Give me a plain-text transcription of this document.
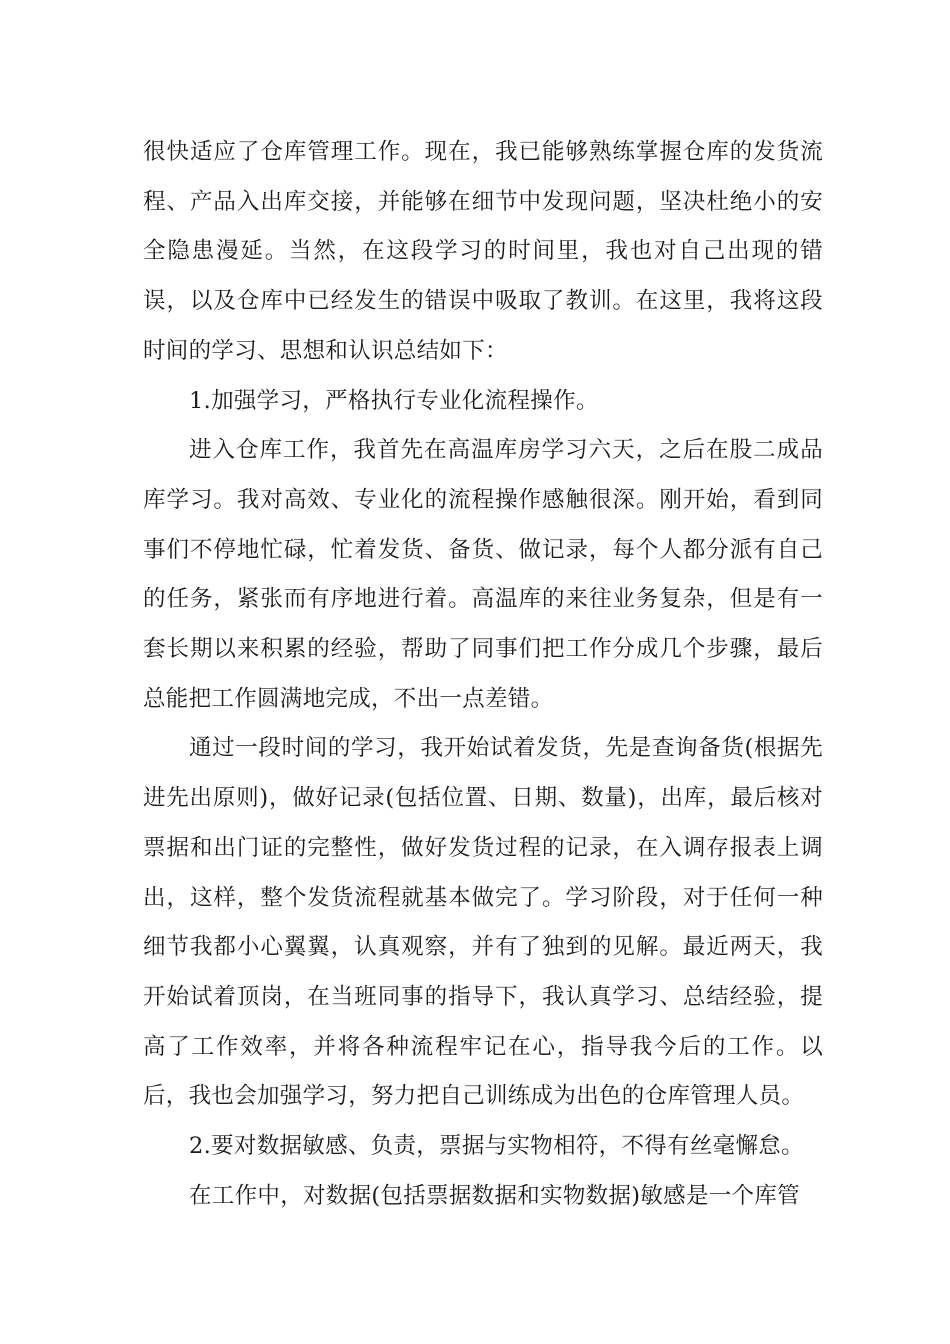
很快适应了仓库管理工作。现在，我已能够熟练掌握仓库的发货流程、产品入出库交接，并能够在细节中发现问题，坚决杜绝小的安全隐患漫延。当然，在这段学习的时间里，我也对自己出现的错误，以及仓库中已经发生的错误中吸取了教训。在这里，我将这段时间的学习、思想和认识总结如下：

1.加强学习，严格执行专业化流程操作。

进入仓库工作，我首先在高温库房学习六天，之后在股二成品库学习。我对高效、专业化的流程操作感触很深。刚开始，看到同事们不停地忙碌，忙着发货、备货、做记录，每个人都分派有自己的任务，紧张而有序地进行着。高温库的来往业务复杂，但是有一套长期以来积累的经验，帮助了同事们把工作分成几个步骤，最后总能把工作圆满地完成，不出一点差错。

通过一段时间的学习，我开始试着发货，先是查询备货(根据先进先出原则)，做好记录(包括位置、日期、数量)，出库，最后核对票据和出门证的完整性，做好发货过程的记录，在入调存报表上调出，这样，整个发货流程就基本做完了。学习阶段，对于任何一种细节我都小心翼翼，认真观察，并有了独到的见解。最近两天，我开始试着顶岗，在当班同事的指导下，我认真学习、总结经验，提高了工作效率，并将各种流程牢记在心，指导我今后的工作。以后，我也会加强学习，努力把自己训练成为出色的仓库管理人员。

2.要对数据敏感、负责，票据与实物相符，不得有丝毫懈怠。

在工作中，对数据(包括票据数据和实物数据)敏感是一个库管
